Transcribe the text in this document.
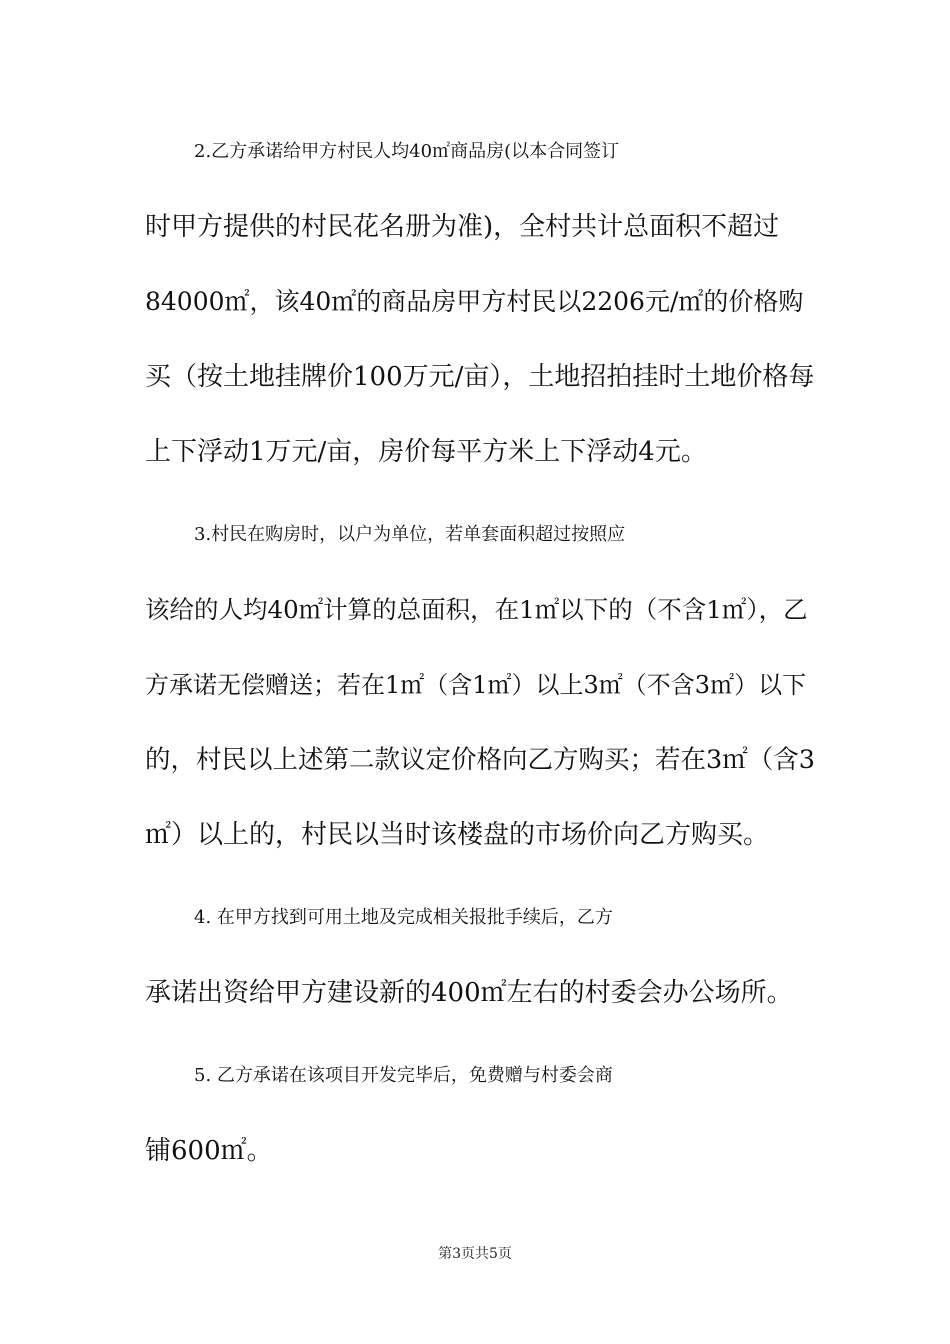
2.乙方承诺给甲方村民人均40㎡商品房(以本合同签订
时甲方提供的村民花名册为准)，全村共计总面积不超过
84000㎡，该40㎡的商品房甲方村民以2206元/㎡的价格购
买（按土地挂牌价100万元/亩），土地招拍挂时土地价格每
上下浮动1万元/亩，房价每平方米上下浮动4元。
3.村民在购房时，以户为单位，若单套面积超过按照应
该给的人均40㎡计算的总面积，在1㎡以下的（不含1㎡），乙
方承诺无偿赠送；若在1㎡（含1㎡）以上3㎡（不含3㎡）以下
的，村民以上述第二款议定价格向乙方购买；若在3㎡（含3
㎡）以上的，村民以当时该楼盘的市场价向乙方购买。
4. 在甲方找到可用土地及完成相关报批手续后，乙方
承诺出资给甲方建设新的400㎡左右的村委会办公场所。
5. 乙方承诺在该项目开发完毕后，免费赠与村委会商
铺600㎡。
第3页共5页
